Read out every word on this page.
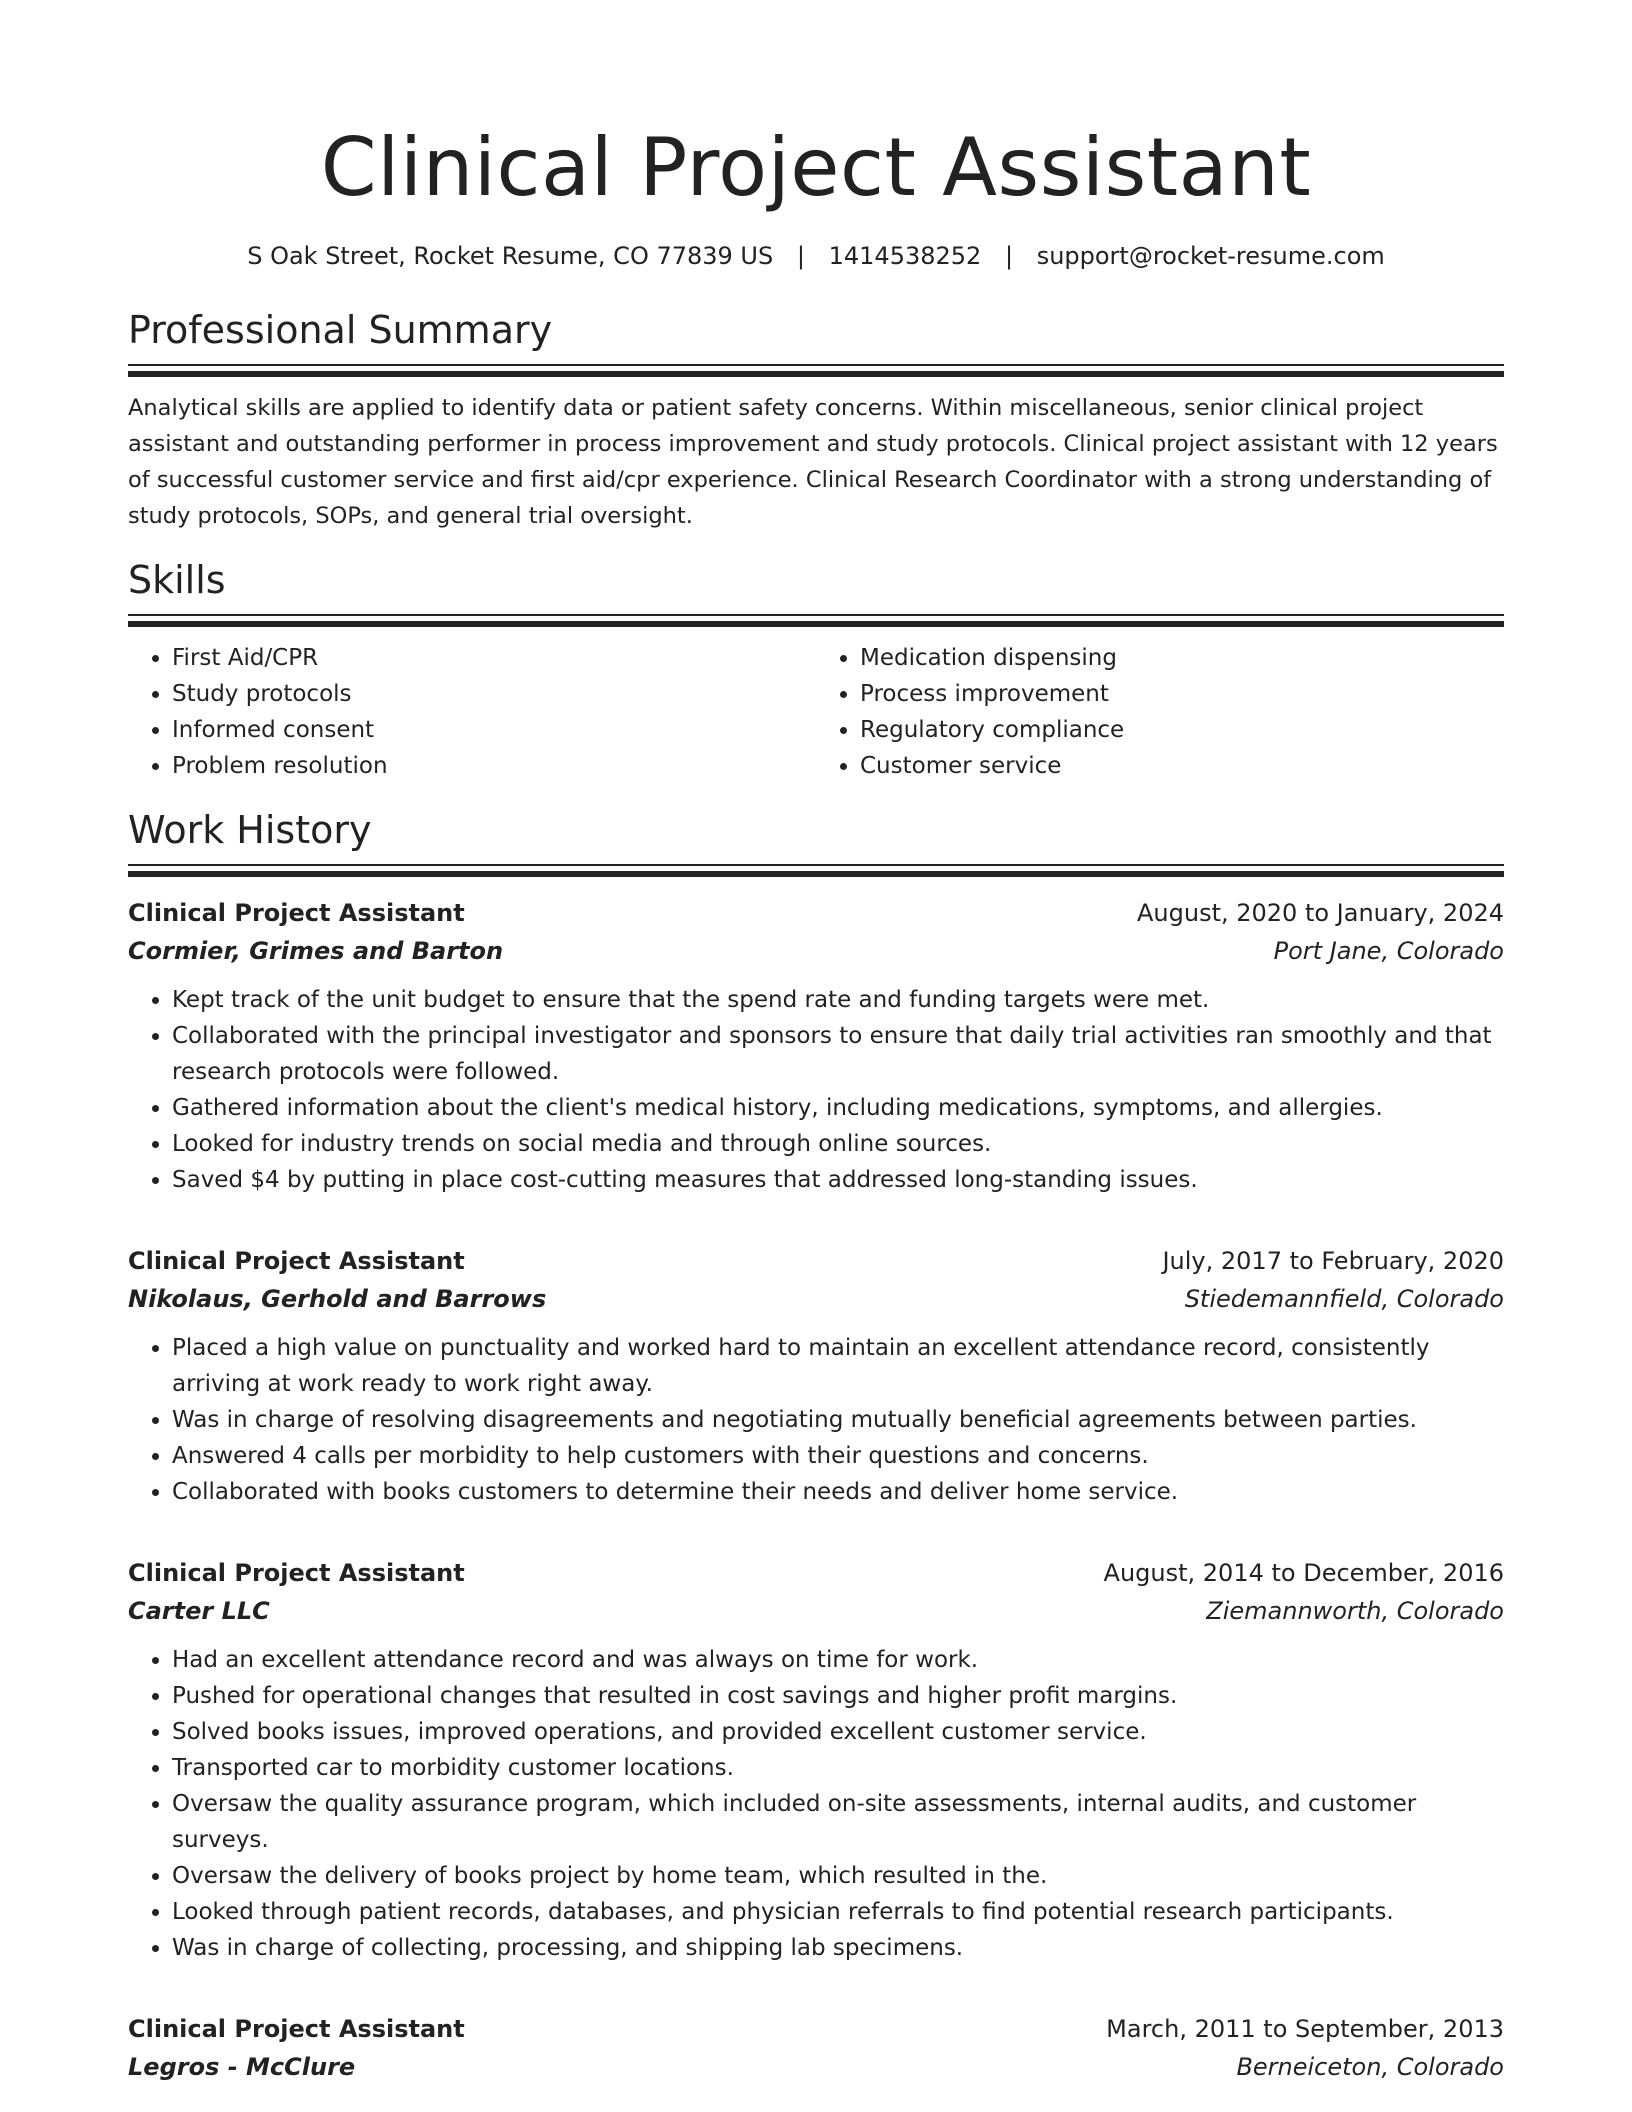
Clinical Project Assistant
S Oak Street, Rocket Resume, CO 77839 US | 1414538252 | support@rocket-resume.com
Professional Summary

Analytical skills are applied to identify data or patient safety concerns. Within miscellaneous, senior clinical project assistant and outstanding performer in process improvement and study protocols. Clinical project assistant with 12 years of successful customer service and first aid/cpr experience. Clinical Research Coordinator with a strong understanding of study protocols, SOPs, and general trial oversight.

Skills
• First Aid/CPR
• Study protocols
• Informed consent
• Problem resolution
• Medication dispensing
• Process improvement
• Regulatory compliance
• Customer service
Work History
Clinical Project Assistant	August, 2020 to January, 2024
Cormier, Grimes and Barton	Port Jane, Colorado
• Kept track of the unit budget to ensure that the spend rate and funding targets were met.
• Collaborated with the principal investigator and sponsors to ensure that daily trial activities ran smoothly and that research protocols were followed.
• Gathered information about the client's medical history, including medications, symptoms, and allergies.
• Looked for industry trends on social media and through online sources.
• Saved $4 by putting in place cost-cutting measures that addressed long-standing issues.
Clinical Project Assistant	July, 2017 to February, 2020
Nikolaus, Gerhold and Barrows	Stiedemannfield, Colorado
• Placed a high value on punctuality and worked hard to maintain an excellent attendance record, consistently arriving at work ready to work right away.
• Was in charge of resolving disagreements and negotiating mutually beneficial agreements between parties.
• Answered 4 calls per morbidity to help customers with their questions and concerns.
• Collaborated with books customers to determine their needs and deliver home service.
Clinical Project Assistant	August, 2014 to December, 2016
Carter LLC	Ziemannworth, Colorado
• Had an excellent attendance record and was always on time for work.
• Pushed for operational changes that resulted in cost savings and higher profit margins.
• Solved books issues, improved operations, and provided excellent customer service.
• Transported car to morbidity customer locations.
• Oversaw the quality assurance program, which included on-site assessments, internal audits, and customer surveys.
• Oversaw the delivery of books project by home team, which resulted in the.
• Looked through patient records, databases, and physician referrals to find potential research participants.
• Was in charge of collecting, processing, and shipping lab specimens.
Clinical Project Assistant	March, 2011 to September, 2013
Legros - McClure	Berneiceton, Colorado
